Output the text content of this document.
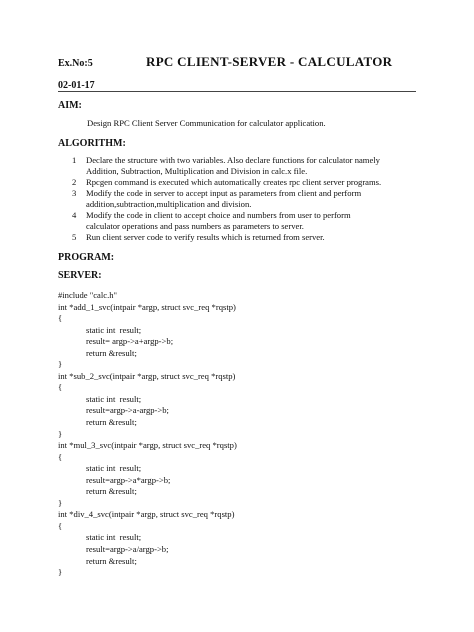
Ex.No:5	RPC CLIENT-SERVER - CALCULATOR
02-01-17
AIM:
Design RPC Client Server Communication for calculator application.
ALGORITHM:
1 Declare the structure with two variables. Also declare functions for calculator namely
Addition, Subtraction, Multiplication and Division in calc.x file.
2 Rpcgen command is executed which automatically creates rpc client server programs.
3 Modify the code in server to accept input as parameters from client and perform
addition,subtraction,multiplication and division.
4 Modify the code in client to accept choice and numbers from user to perform
calculator operations and pass numbers as parameters to server.
5 Run client server code to verify results which is returned from server.
PROGRAM:
SERVER:
#include "calc.h"
int *add_1_svc(intpair *argp, struct svc_req *rqstp)
{
static int  result;
result= argp->a+argp->b;
return &result;
}
int *sub_2_svc(intpair *argp, struct svc_req *rqstp)
{
static int  result;
result=argp->a-argp->b;
return &result;
}
int *mul_3_svc(intpair *argp, struct svc_req *rqstp)
{
static int  result;
result=argp->a*argp->b;
return &result;
}
int *div_4_svc(intpair *argp, struct svc_req *rqstp)
{
static int  result;
result=argp->a/argp->b;
return &result;
}
